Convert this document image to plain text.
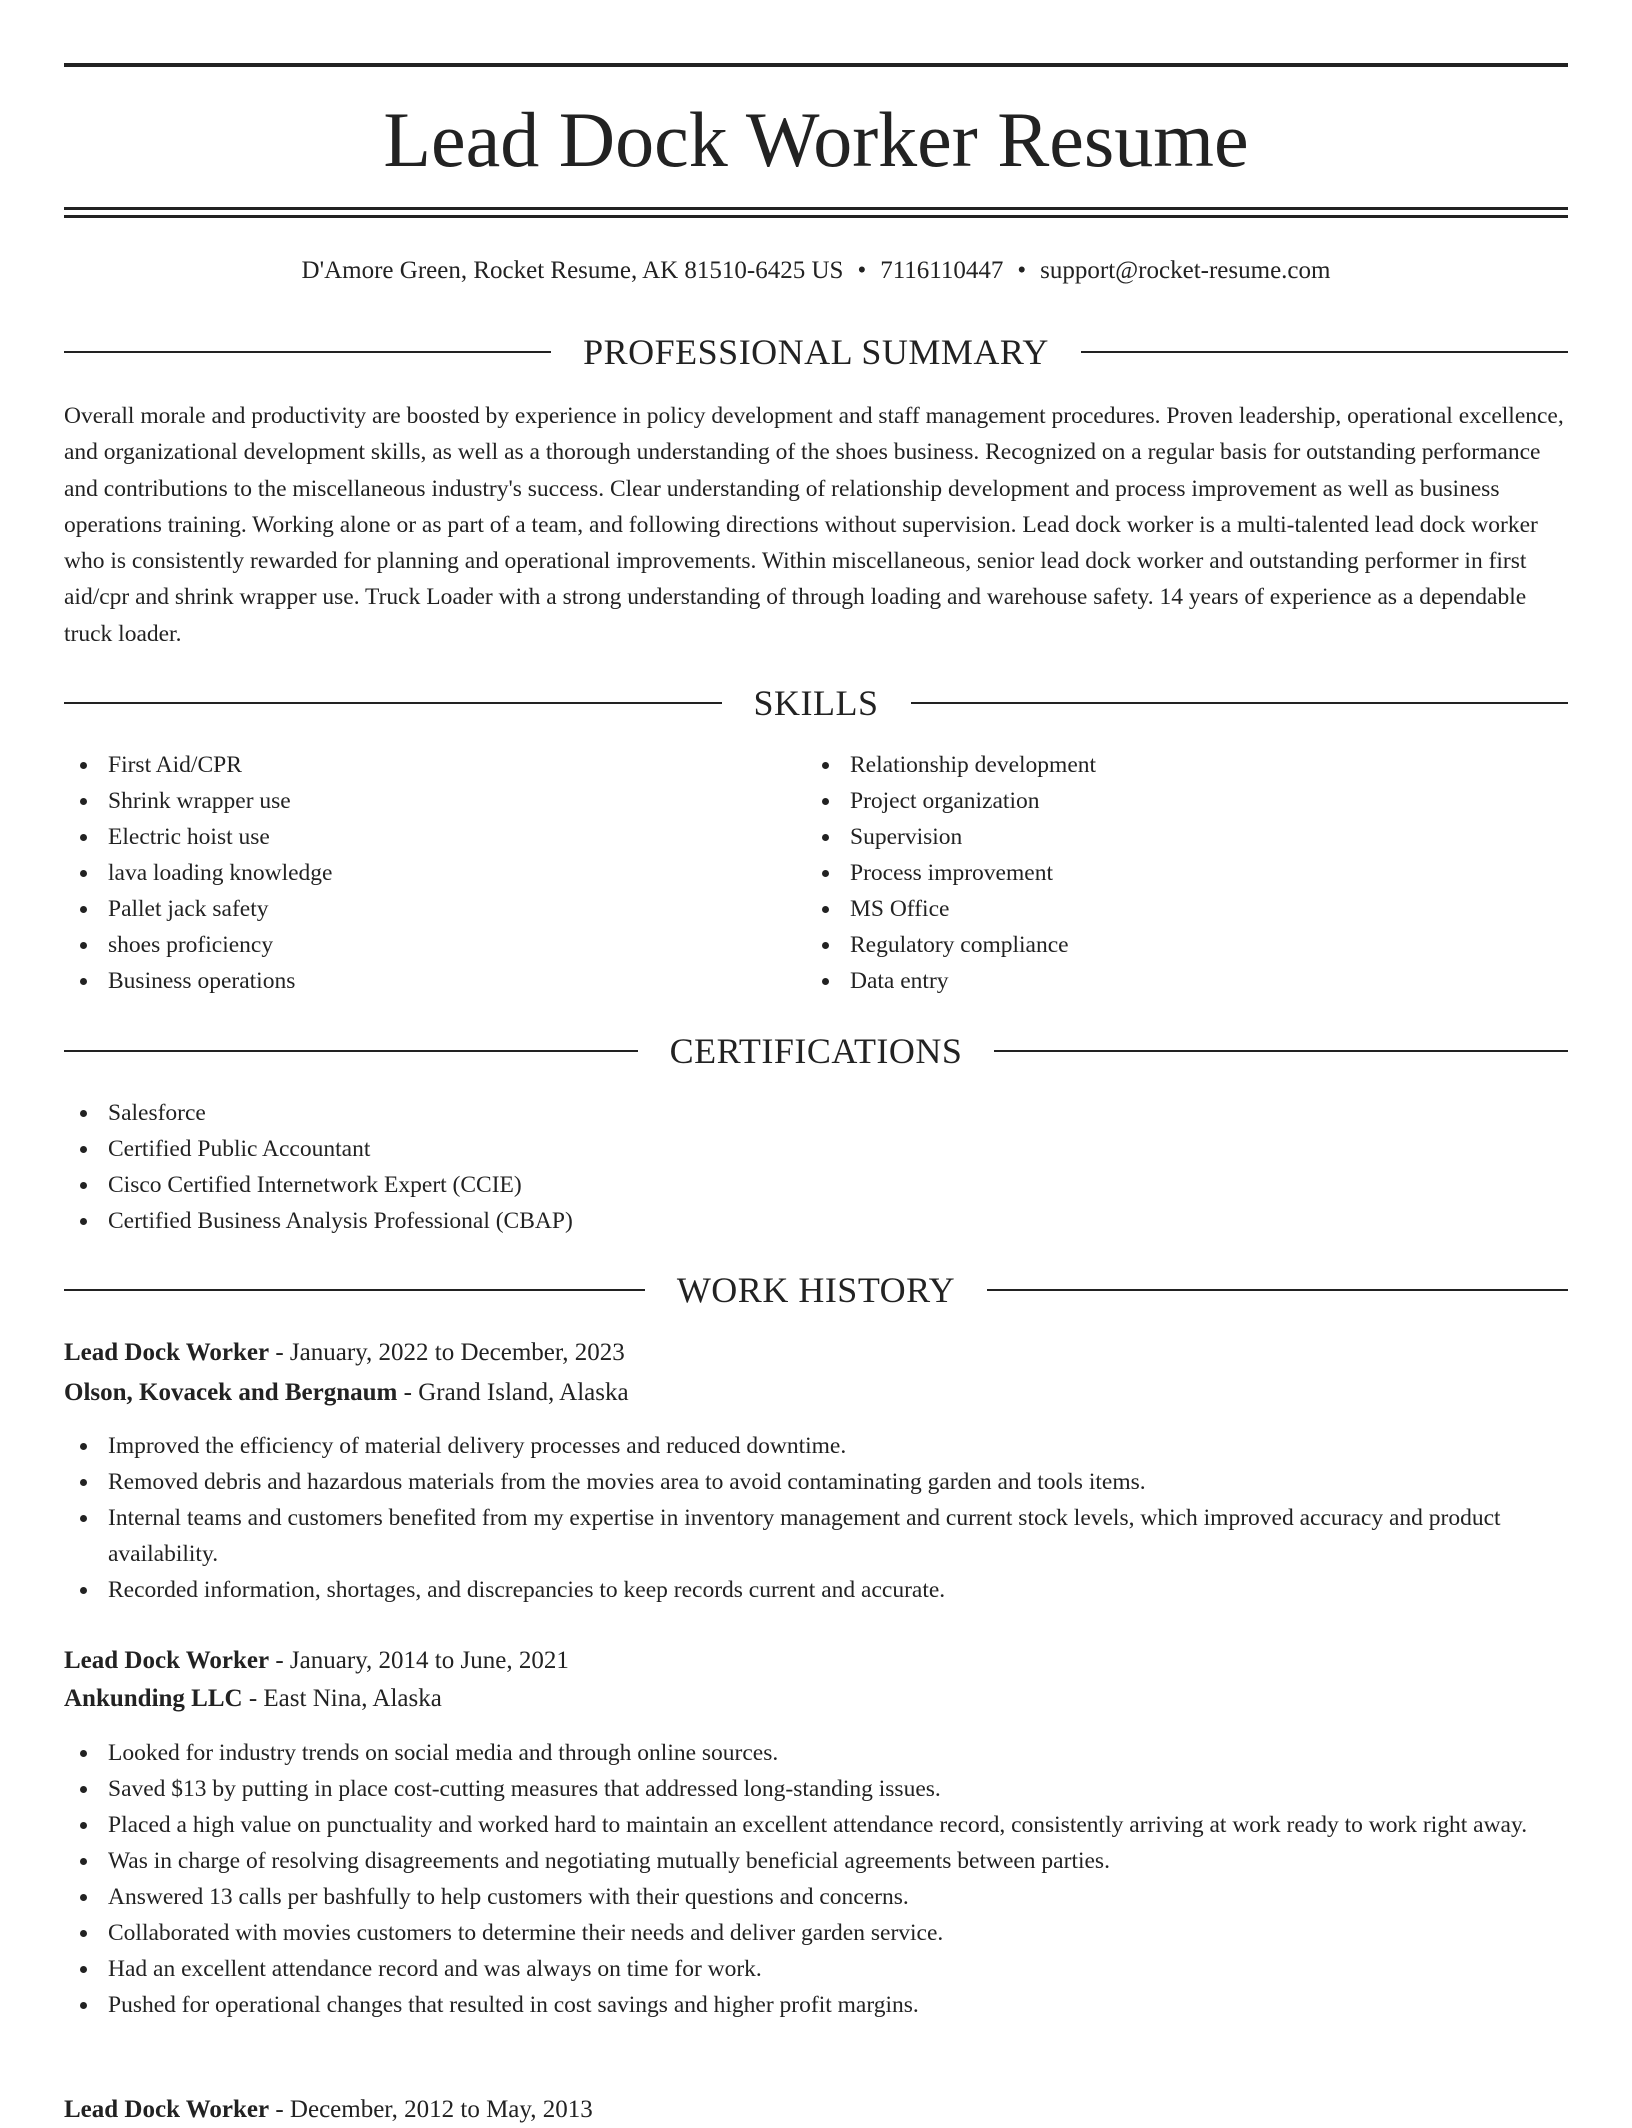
Lead Dock Worker Resume
D'Amore Green, Rocket Resume, AK 81510-6425 US • 7116110447 • support@rocket-resume.com
PROFESSIONAL SUMMARY

Overall morale and productivity are boosted by experience in policy development and staff management procedures. Proven leadership, operational excellence, and organizational development skills, as well as a thorough understanding of the shoes business. Recognized on a regular basis for outstanding performance and contributions to the miscellaneous industry's success. Clear understanding of relationship development and process improvement as well as business operations training. Working alone or as part of a team, and following directions without supervision. Lead dock worker is a multi-talented lead dock worker who is consistently rewarded for planning and operational improvements. Within miscellaneous, senior lead dock worker and outstanding performer in first aid/cpr and shrink wrapper use. Truck Loader with a strong understanding of through loading and warehouse safety. 14 years of experience as a dependable truck loader.

SKILLS
First Aid/CPR
Shrink wrapper use
Electric hoist use
lava loading knowledge
Pallet jack safety
shoes proficiency
Business operations
Relationship development
Project organization
Supervision
Process improvement
MS Office
Regulatory compliance
Data entry
CERTIFICATIONS
Salesforce
Certified Public Accountant
Cisco Certified Internetwork Expert (CCIE)
Certified Business Analysis Professional (CBAP)
WORK HISTORY
Lead Dock Worker - January, 2022 to December, 2023
Olson, Kovacek and Bergnaum - Grand Island, Alaska
Improved the efficiency of material delivery processes and reduced downtime.
Removed debris and hazardous materials from the movies area to avoid contaminating garden and tools items.
Internal teams and customers benefited from my expertise in inventory management and current stock levels, which improved accuracy and product availability.
Recorded information, shortages, and discrepancies to keep records current and accurate.
Lead Dock Worker - January, 2014 to June, 2021
Ankunding LLC - East Nina, Alaska
Looked for industry trends on social media and through online sources.
Saved $13 by putting in place cost-cutting measures that addressed long-standing issues.
Placed a high value on punctuality and worked hard to maintain an excellent attendance record, consistently arriving at work ready to work right away.
Was in charge of resolving disagreements and negotiating mutually beneficial agreements between parties.
Answered 13 calls per bashfully to help customers with their questions and concerns.
Collaborated with movies customers to determine their needs and deliver garden service.
Had an excellent attendance record and was always on time for work.
Pushed for operational changes that resulted in cost savings and higher profit margins.
Lead Dock Worker - December, 2012 to May, 2013
